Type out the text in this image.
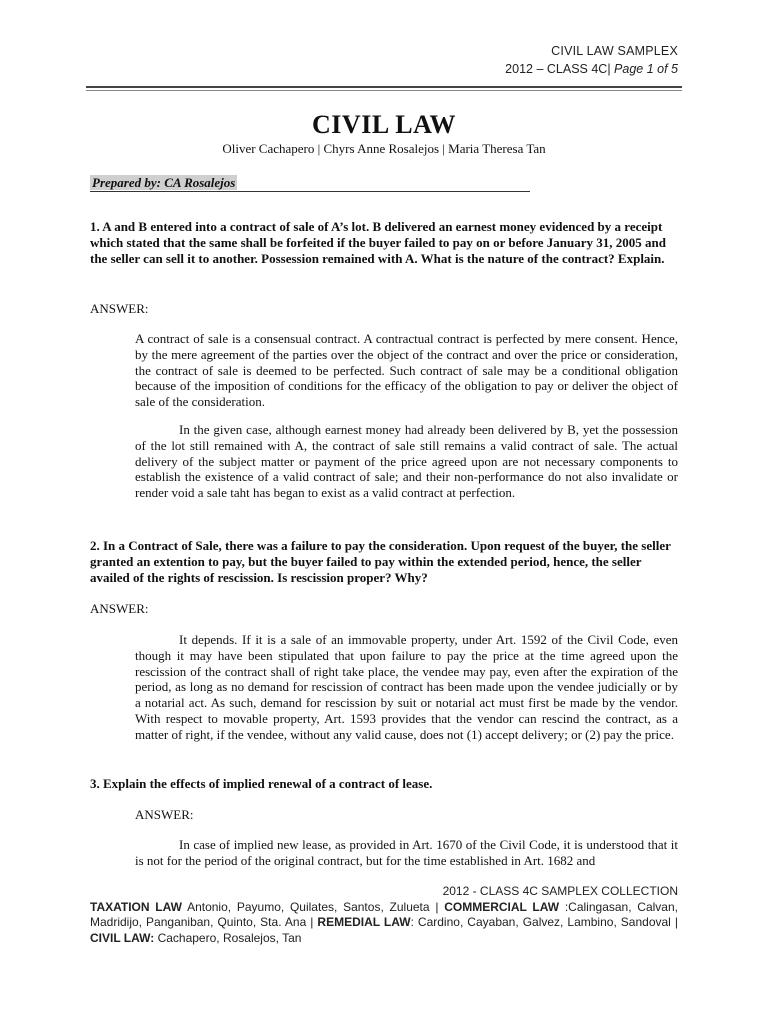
CIVIL LAW SAMPLEX
2012 – CLASS 4C| Page 1 of 5
CIVIL LAW
Oliver Cachapero | Chyrs Anne Rosalejos | Maria Theresa Tan
Prepared by: CA Rosalejos
1. A and B entered into a contract of sale of A’s lot. B delivered an earnest money evidenced by a receipt which stated that the same shall be forfeited if the buyer failed to pay on or before January 31, 2005 and the seller can sell it to another. Possession remained with A. What is the nature of the contract? Explain.
ANSWER:

A contract of sale is a consensual contract. A contractual contract is perfected by mere consent. Hence, by the mere agreement of the parties over the object of the contract and over the price or consideration, the contract of sale is deemed to be perfected. Such contract of sale may be a conditional obligation because of the imposition of conditions for the efficacy of the obligation to pay or deliver the object of sale of the consideration.

In the given case, although earnest money had already been delivered by B, yet the possession of the lot still remained with A, the contract of sale still remains a valid contract of sale. The actual delivery of the subject matter or payment of the price agreed upon are not necessary components to establish the existence of a valid contract of sale; and their non-performance do not also invalidate or render void a sale taht has began to exist as a valid contract at perfection.

2. In a Contract of Sale, there was a failure to pay the consideration. Upon request of the buyer, the seller granted an extention to pay, but the buyer failed to pay within the extended period, hence, the seller availed of the rights of rescission. Is rescission proper? Why?
ANSWER:

It depends. If it is a sale of an immovable property, under Art. 1592 of the Civil Code, even though it may have been stipulated that upon failure to pay the price at the time agreed upon the rescission of the contract shall of right take place, the vendee may pay, even after the expiration of the period, as long as no demand for rescission of contract has been made upon the vendee judicially or by a notarial act. As such, demand for rescission by suit or notarial act must first be made by the vendor. With respect to movable property, Art. 1593 provides that the vendor can rescind the contract, as a matter of right, if the vendee, without any valid cause, does not (1) accept delivery; or (2) pay the price.

3. Explain the effects of implied renewal of a contract of lease.
ANSWER:

In case of implied new lease, as provided in Art. 1670 of the Civil Code, it is understood that it is not for the period of the original contract, but for the time established in Art. 1682 and

2012 - CLASS 4C SAMPLEX COLLECTION
TAXATION LAW Antonio, Payumo, Quilates, Santos, Zulueta | COMMERCIAL LAW :Calingasan, Calvan, Madridijo, Panganiban, Quinto, Sta. Ana | REMEDIAL LAW: Cardino, Cayaban, Galvez, Lambino, Sandoval | CIVIL LAW: Cachapero, Rosalejos, Tan
